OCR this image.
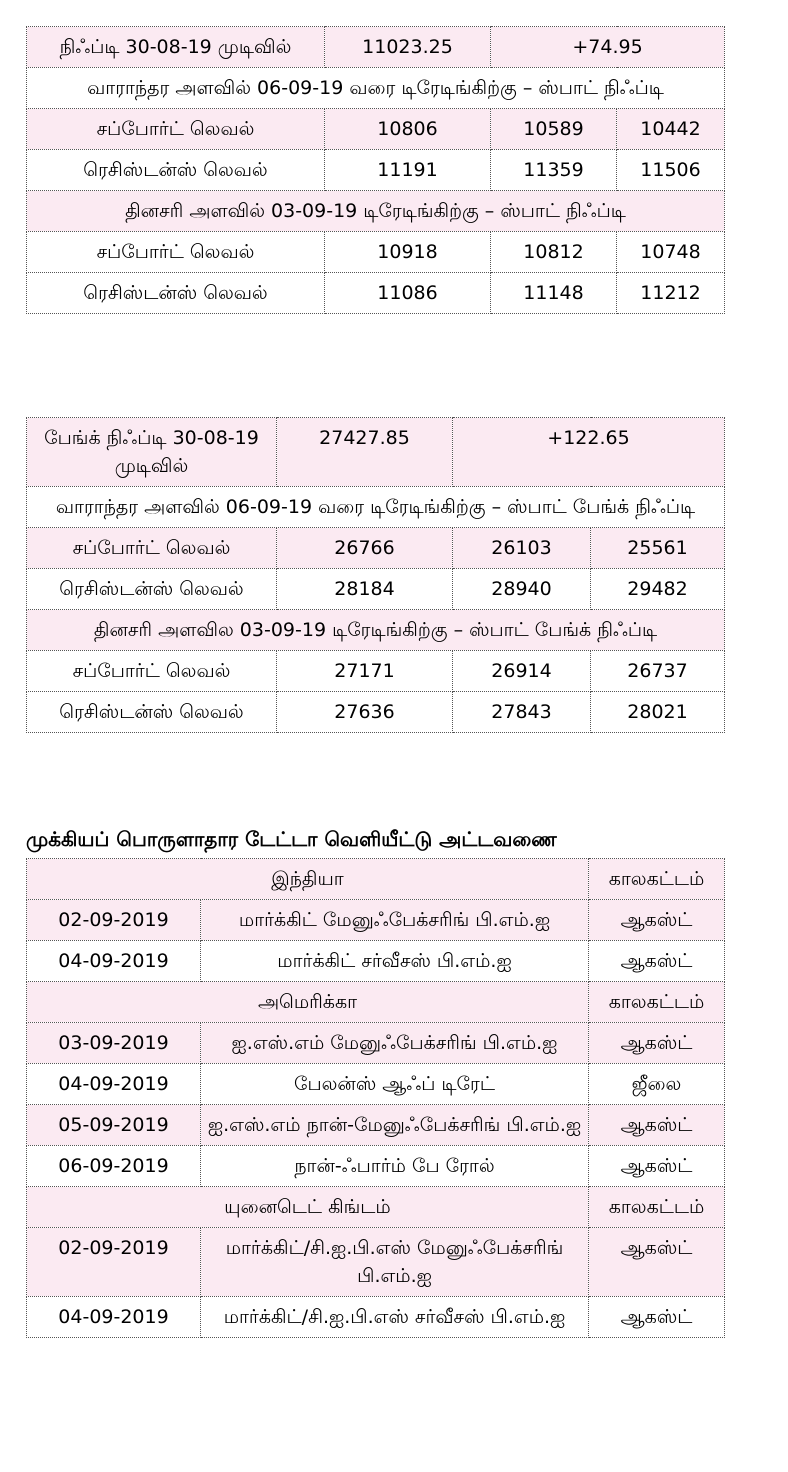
நிஃப்டி 30-08-19 முடிவில்	11023.25	+74.95	
வாராந்தர அளவில் 06-09-19 வரை டிரேடிங்கிற்கு – ஸ்பாட் நிஃப்டி			
சப்போர்ட் லெவல்	10806	10589	10442
ரெசிஸ்டன்ஸ் லெவல்	11191	11359	11506
தினசரி அளவில் 03-09-19 டிரேடிங்கிற்கு – ஸ்பாட் நிஃப்டி			
சப்போர்ட் லெவல்	10918	10812	10748
ரெசிஸ்டன்ஸ் லெவல்	11086	11148	11212
பேங்க் நிஃப்டி 30-08-19 முடிவில்	27427.85	+122.65	
வாராந்தர அளவில் 06-09-19 வரை டிரேடிங்கிற்கு – ஸ்பாட் பேங்க் நிஃப்டி			
சப்போர்ட் லெவல்	26766	26103	25561
ரெசிஸ்டன்ஸ் லெவல்	28184	28940	29482
தினசரி அளவில 03-09-19 டிரேடிங்கிற்கு – ஸ்பாட் பேங்க் நிஃப்டி			
சப்போர்ட் லெவல்	27171	26914	26737
ரெசிஸ்டன்ஸ் லெவல்	27636	27843	28021
முக்கியப் பொருளாதார டேட்டா வெளியீட்டு அட்டவணை
இந்தியா		காலகட்டம்
02-09-2019	மார்க்கிட் மேனுஃபேக்சரிங் பி.எம்.ஐ	ஆகஸ்ட்
04-09-2019	மார்க்கிட் சர்வீசஸ் பி.எம்.ஐ	ஆகஸ்ட்
அமெரிக்கா		காலகட்டம்
03-09-2019	ஐ.எஸ்.எம் மேனுஃபேக்சரிங் பி.எம்.ஐ	ஆகஸ்ட்
04-09-2019	பேலன்ஸ் ஆஃப் டிரேட்	ஜீலை
05-09-2019	ஐ.எஸ்.எம் நான்-மேனுஃபேக்சரிங் பி.எம்.ஐ	ஆகஸ்ட்
06-09-2019	நான்-ஃபார்ம் பே ரோல்	ஆகஸ்ட்
யுனைடெட் கிங்டம்		காலகட்டம்
02-09-2019	மார்க்கிட்/சி.ஐ.பி.எஸ் மேனுஃபேக்சரிங் பி.எம்.ஐ	ஆகஸ்ட்
04-09-2019	மார்க்கிட்/சி.ஐ.பி.எஸ் சர்வீசஸ் பி.எம்.ஐ	ஆகஸ்ட்
